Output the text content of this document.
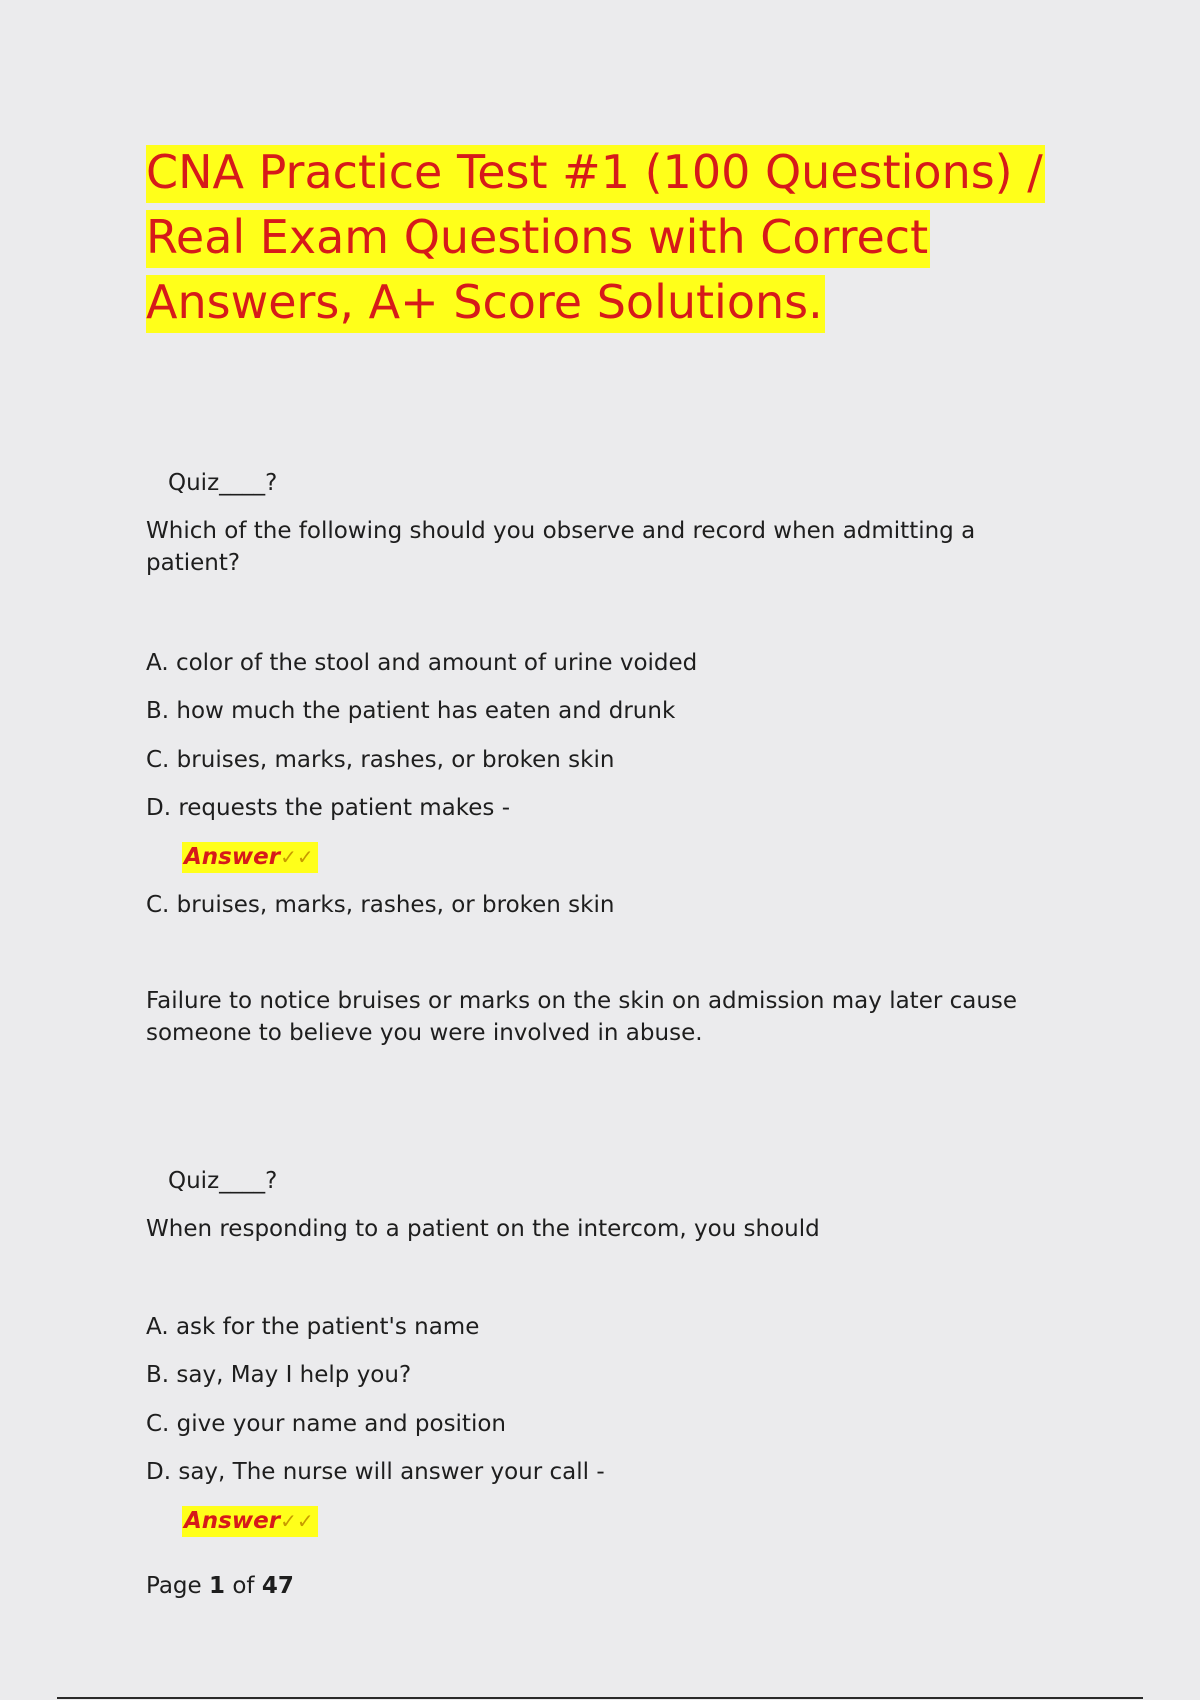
CNA Practice Test #1 (100 Questions) / Real Exam Questions with Correct Answers, A+ Score Solutions.

Quiz____?

Which of the following should you observe and record when admitting a patient?

A. color of the stool and amount of urine voided

B. how much the patient has eaten and drunk

C. bruises, marks, rashes, or broken skin

D. requests the patient makes -

Answer✓✓

C. bruises, marks, rashes, or broken skin

Failure to notice bruises or marks on the skin on admission may later cause someone to believe you were involved in abuse.

Quiz____?

When responding to a patient on the intercom, you should

A. ask for the patient's name

B. say, May I help you?

C. give your name and position

D. say, The nurse will answer your call -

Answer✓✓

Page 1 of 47
